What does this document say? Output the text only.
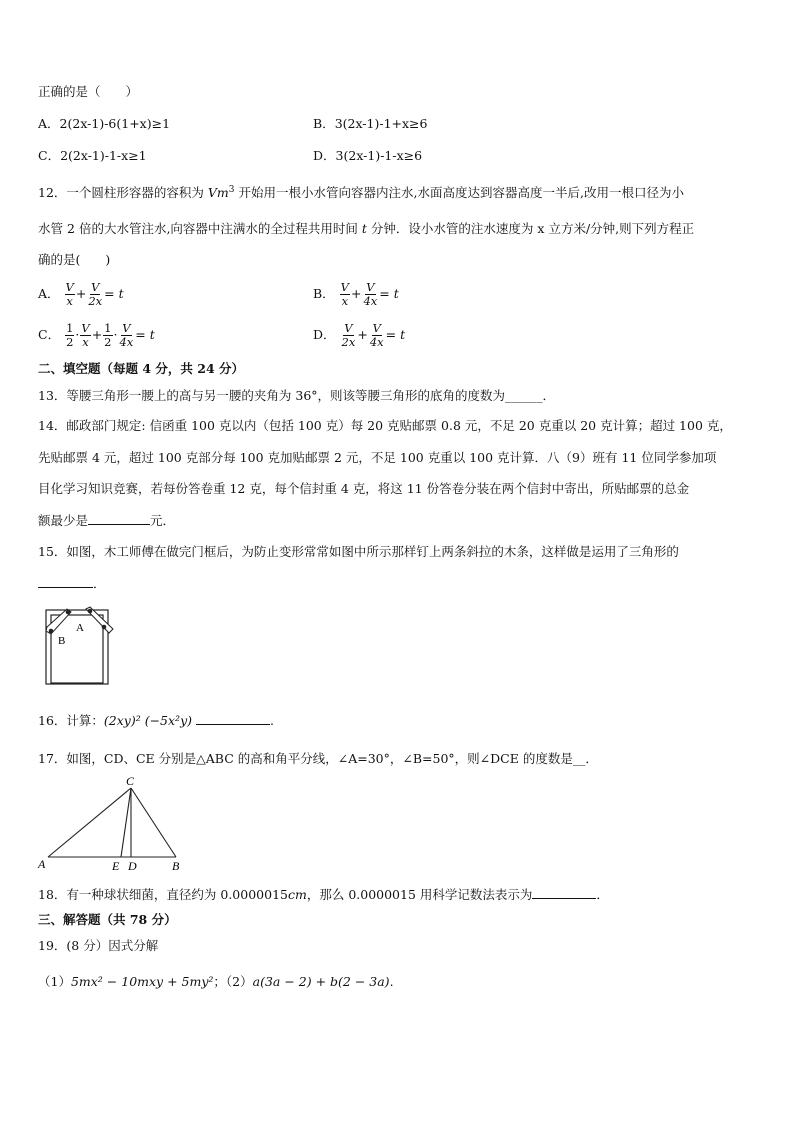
正确的是（　　）
A．2(2x-1)-6(1+x)≥1	B．3(2x-1)-1+x≥6
C．2(2x-1)-1-x≥1	D．3(2x-1)-1-x≥6
12．一个圆柱形容器的容积为 Vm$^3$ 开始用一根小水管向容器内注水,水面高度达到容器高度一半后,改用一根口径为小
水管 2 倍的大水管注水,向容器中注满水的全过程共用时间 t 分钟．设小水管的注水速度为 x 立方米/分钟,则下列方程正
确的是(　　)
A． $\frac{V}{x} + \frac{V}{2x} = t$	B． $\frac{V}{x} + \frac{V}{4x} = t$
C． $\frac{1}{2} \cdot \frac{V}{x} + \frac{1}{2} \cdot \frac{V}{4x} = t$	D． $\frac{V}{2x} + \frac{V}{4x} = t$
二、填空题（每题 4 分，共 24 分）
13．等腰三角形一腰上的高与另一腰的夹角为 36°，则该等腰三角形的底角的度数为______．
14．邮政部门规定: 信函重 100 克以内（包括 100 克）每 20 克贴邮票 0.8 元，不足 20 克重以 20 克计算；超过 100 克，
先贴邮票 4 元，超过 100 克部分每 100 克加贴邮票 2 元，不足 100 克重以 100 克计算．八（9）班有 11 位同学参加项
目化学习知识竞赛，若每份答卷重 12 克，每个信封重 4 克，将这 11 份答卷分装在两个信封中寄出，所贴邮票的总金
额最少是	元．
15．如图，木工师傅在做完门框后，为防止变形常常如图中所示那样钉上两条斜拉的木条，这样做是运用了三角形的
．
A
B
16．计算：(2xy)² (−5x²y)	.
17．如图，CD、CE 分别是△ABC 的高和角平分线，∠A=30°，∠B=50°，则∠DCE 的度数是__．
C
A	E D	B
18．有一种球状细菌，直径约为 0.0000015cm，那么 0.0000015 用科学记数法表示为	．
三、解答题（共 78 分）
19．(8 分）因式分解
（1）5mx² − 10mxy + 5my²；（2）a(3a − 2) + b(2 − 3a).
